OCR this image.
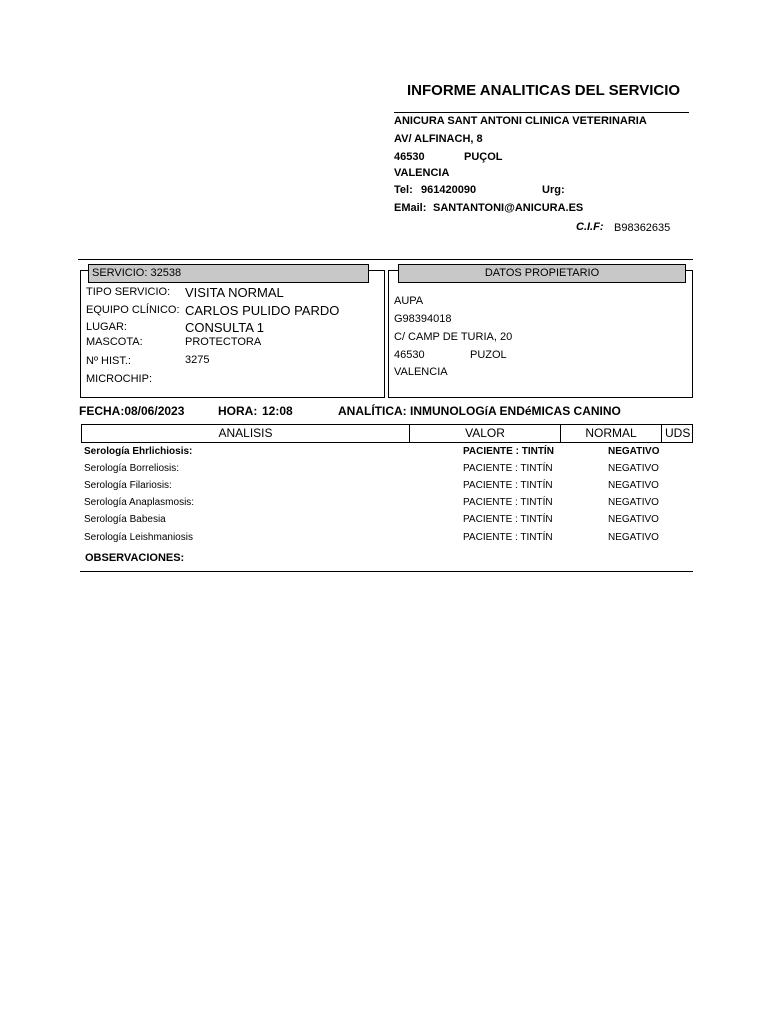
INFORME ANALITICAS DEL SERVICIO
ANICURA SANT ANTONI CLINICA VETERINARIA
AV/ ALFINACH, 8
46530	PUÇOL
VALENCIA
Tel: 961420090	Urg:
EMail: SANTANTONI@ANICURA.ES
C.I.F: B98362635
SERVICIO: 32538
TIPO SERVICIO: VISITA NORMAL
EQUIPO CLÍNICO: CARLOS PULIDO PARDO
LUGAR:	CONSULTA 1
MASCOTA:	PROTECTORA
Nº HIST.:	3275
MICROCHIP:
DATOS PROPIETARIO
AUPA
G98394018
C/ CAMP DE TURIA, 20
46530	PUZOL
VALENCIA
FECHA:08/06/2023	HORA: 12:08	ANALÍTICA: INMUNOLOGíA ENDéMICAS CANINO
ANALISIS	VALOR	NORMAL	UDS
Serología Ehrlichiosis:	PACIENTE : TINTÍN	NEGATIVO
Serología Borreliosis:	PACIENTE : TINTÍN	NEGATIVO
Serología Filariosis:	PACIENTE : TINTÍN	NEGATIVO
Serología Anaplasmosis:	PACIENTE : TINTÍN	NEGATIVO
Serología Babesia	PACIENTE : TINTÍN	NEGATIVO
Serología Leishmaniosis	PACIENTE : TINTÍN	NEGATIVO
OBSERVACIONES:
